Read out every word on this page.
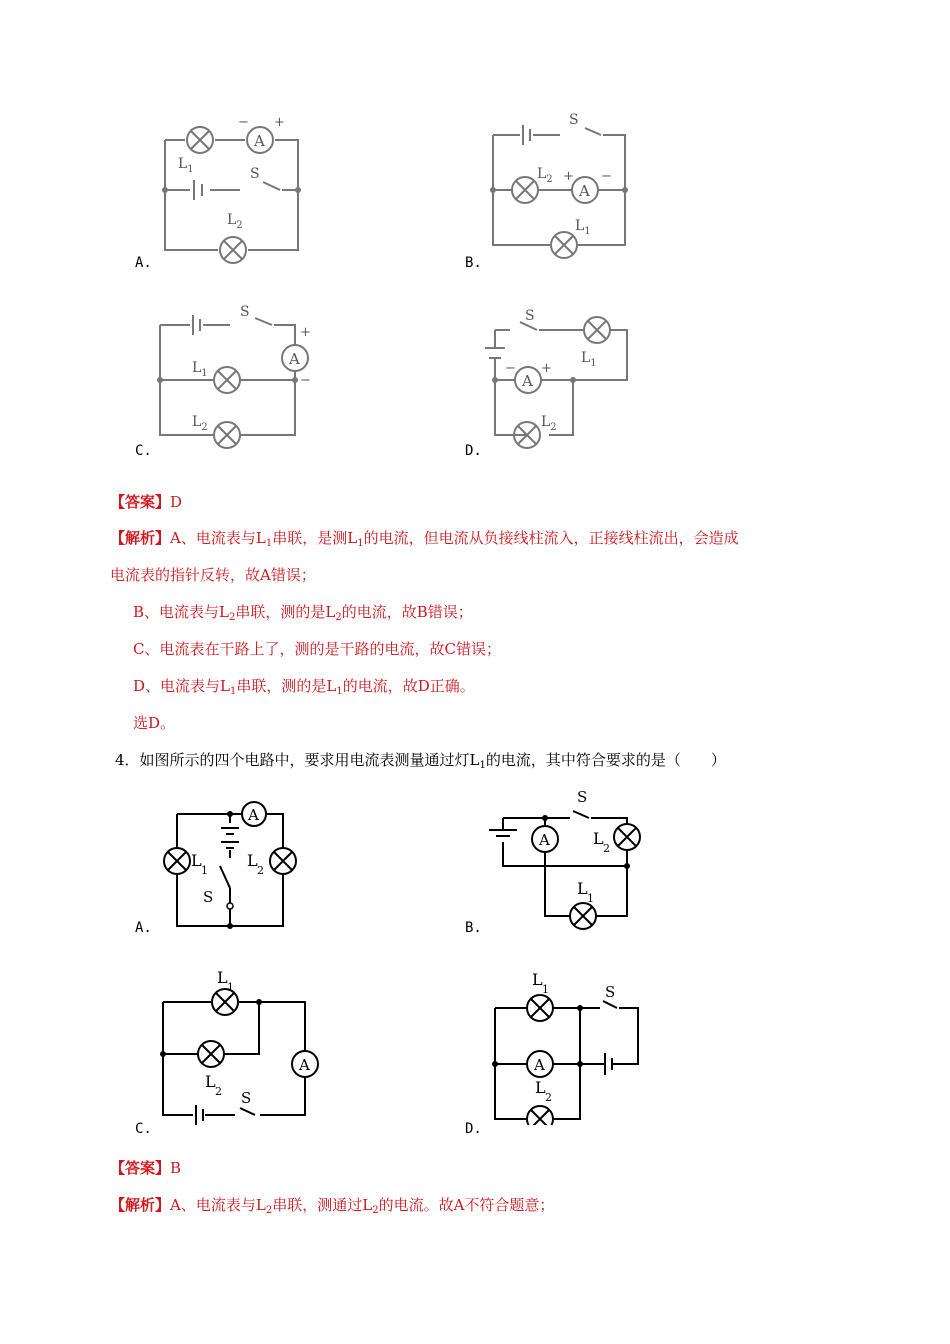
A
− +
$L_1$	S
$L_2$
A
S
$L_2$ + −
$L_1$
A
S
+
−
$L_1$
$L_2$
A
S
− +
$L_1$
$L_2$
A.	B.
C.	D.
【答案】D
【解析】A、电流表与$L_1$串联，是测$L_1$的电流，但电流从负接线柱流入，正接线柱流出，会造成
电流表的指针反转，故A错误；
B、电流表与$L_2$串联，测的是$L_2$的电流，故B错误；
C、电流表在干路上了，测的是干路的电流，故C错误；
D、电流表与$L_1$串联，测的是$L_1$的电流，故D正确。
选D。
4．如图所示的四个电路中，要求用电流表测量通过灯$L_1$的电流，其中符合要求的是（　　）
A
L
1
L
2
S
A
S
L
2
L
1
A
L
1
L
2 S
A
L
1	S
L
2
A.	B.
C.	D.
【答案】B
【解析】A、电流表与$L_2$串联，测通过$L_2$的电流。故A不符合题意；
